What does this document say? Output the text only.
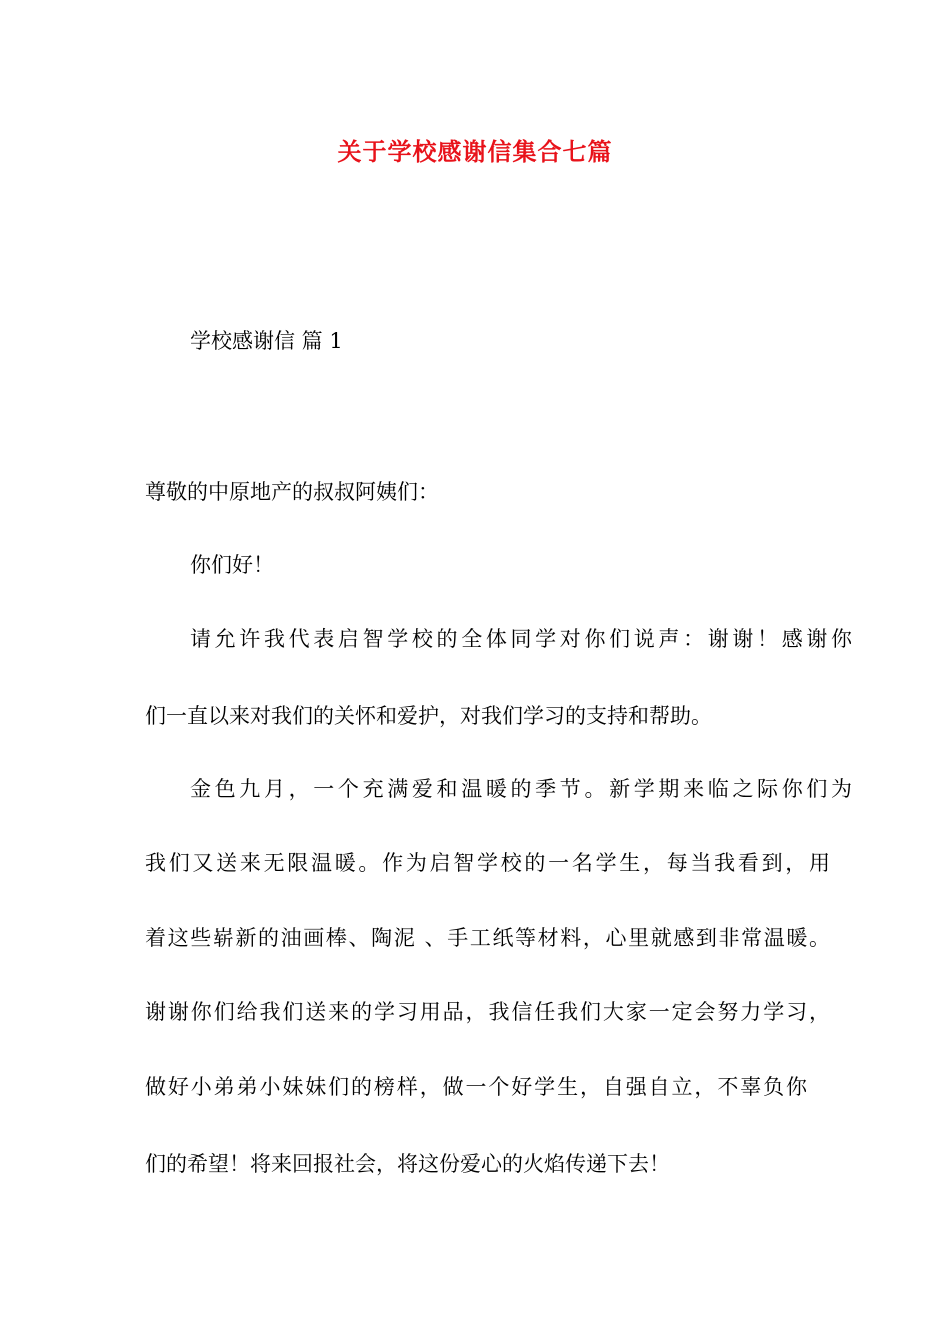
关于学校感谢信集合七篇

学校感谢信 篇 1

尊敬的中原地产的叔叔阿姨们：

你们好！

请允许我代表启智学校的全体同学对你们说声：谢谢！感谢你

们一直以来对我们的关怀和爱护，对我们学习的支持和帮助。

金色九月，一个充满爱和温暖的季节。新学期来临之际你们为

我们又送来无限温暖。作为启智学校的一名学生，每当我看到，用

着这些崭新的油画棒、陶泥 、手工纸等材料，心里就感到非常温暖。

谢谢你们给我们送来的学习用品，我信任我们大家一定会努力学习，

做好小弟弟小妹妹们的榜样，做一个好学生，自强自立，不辜负你

们的希望！将来回报社会，将这份爱心的火焰传递下去！
